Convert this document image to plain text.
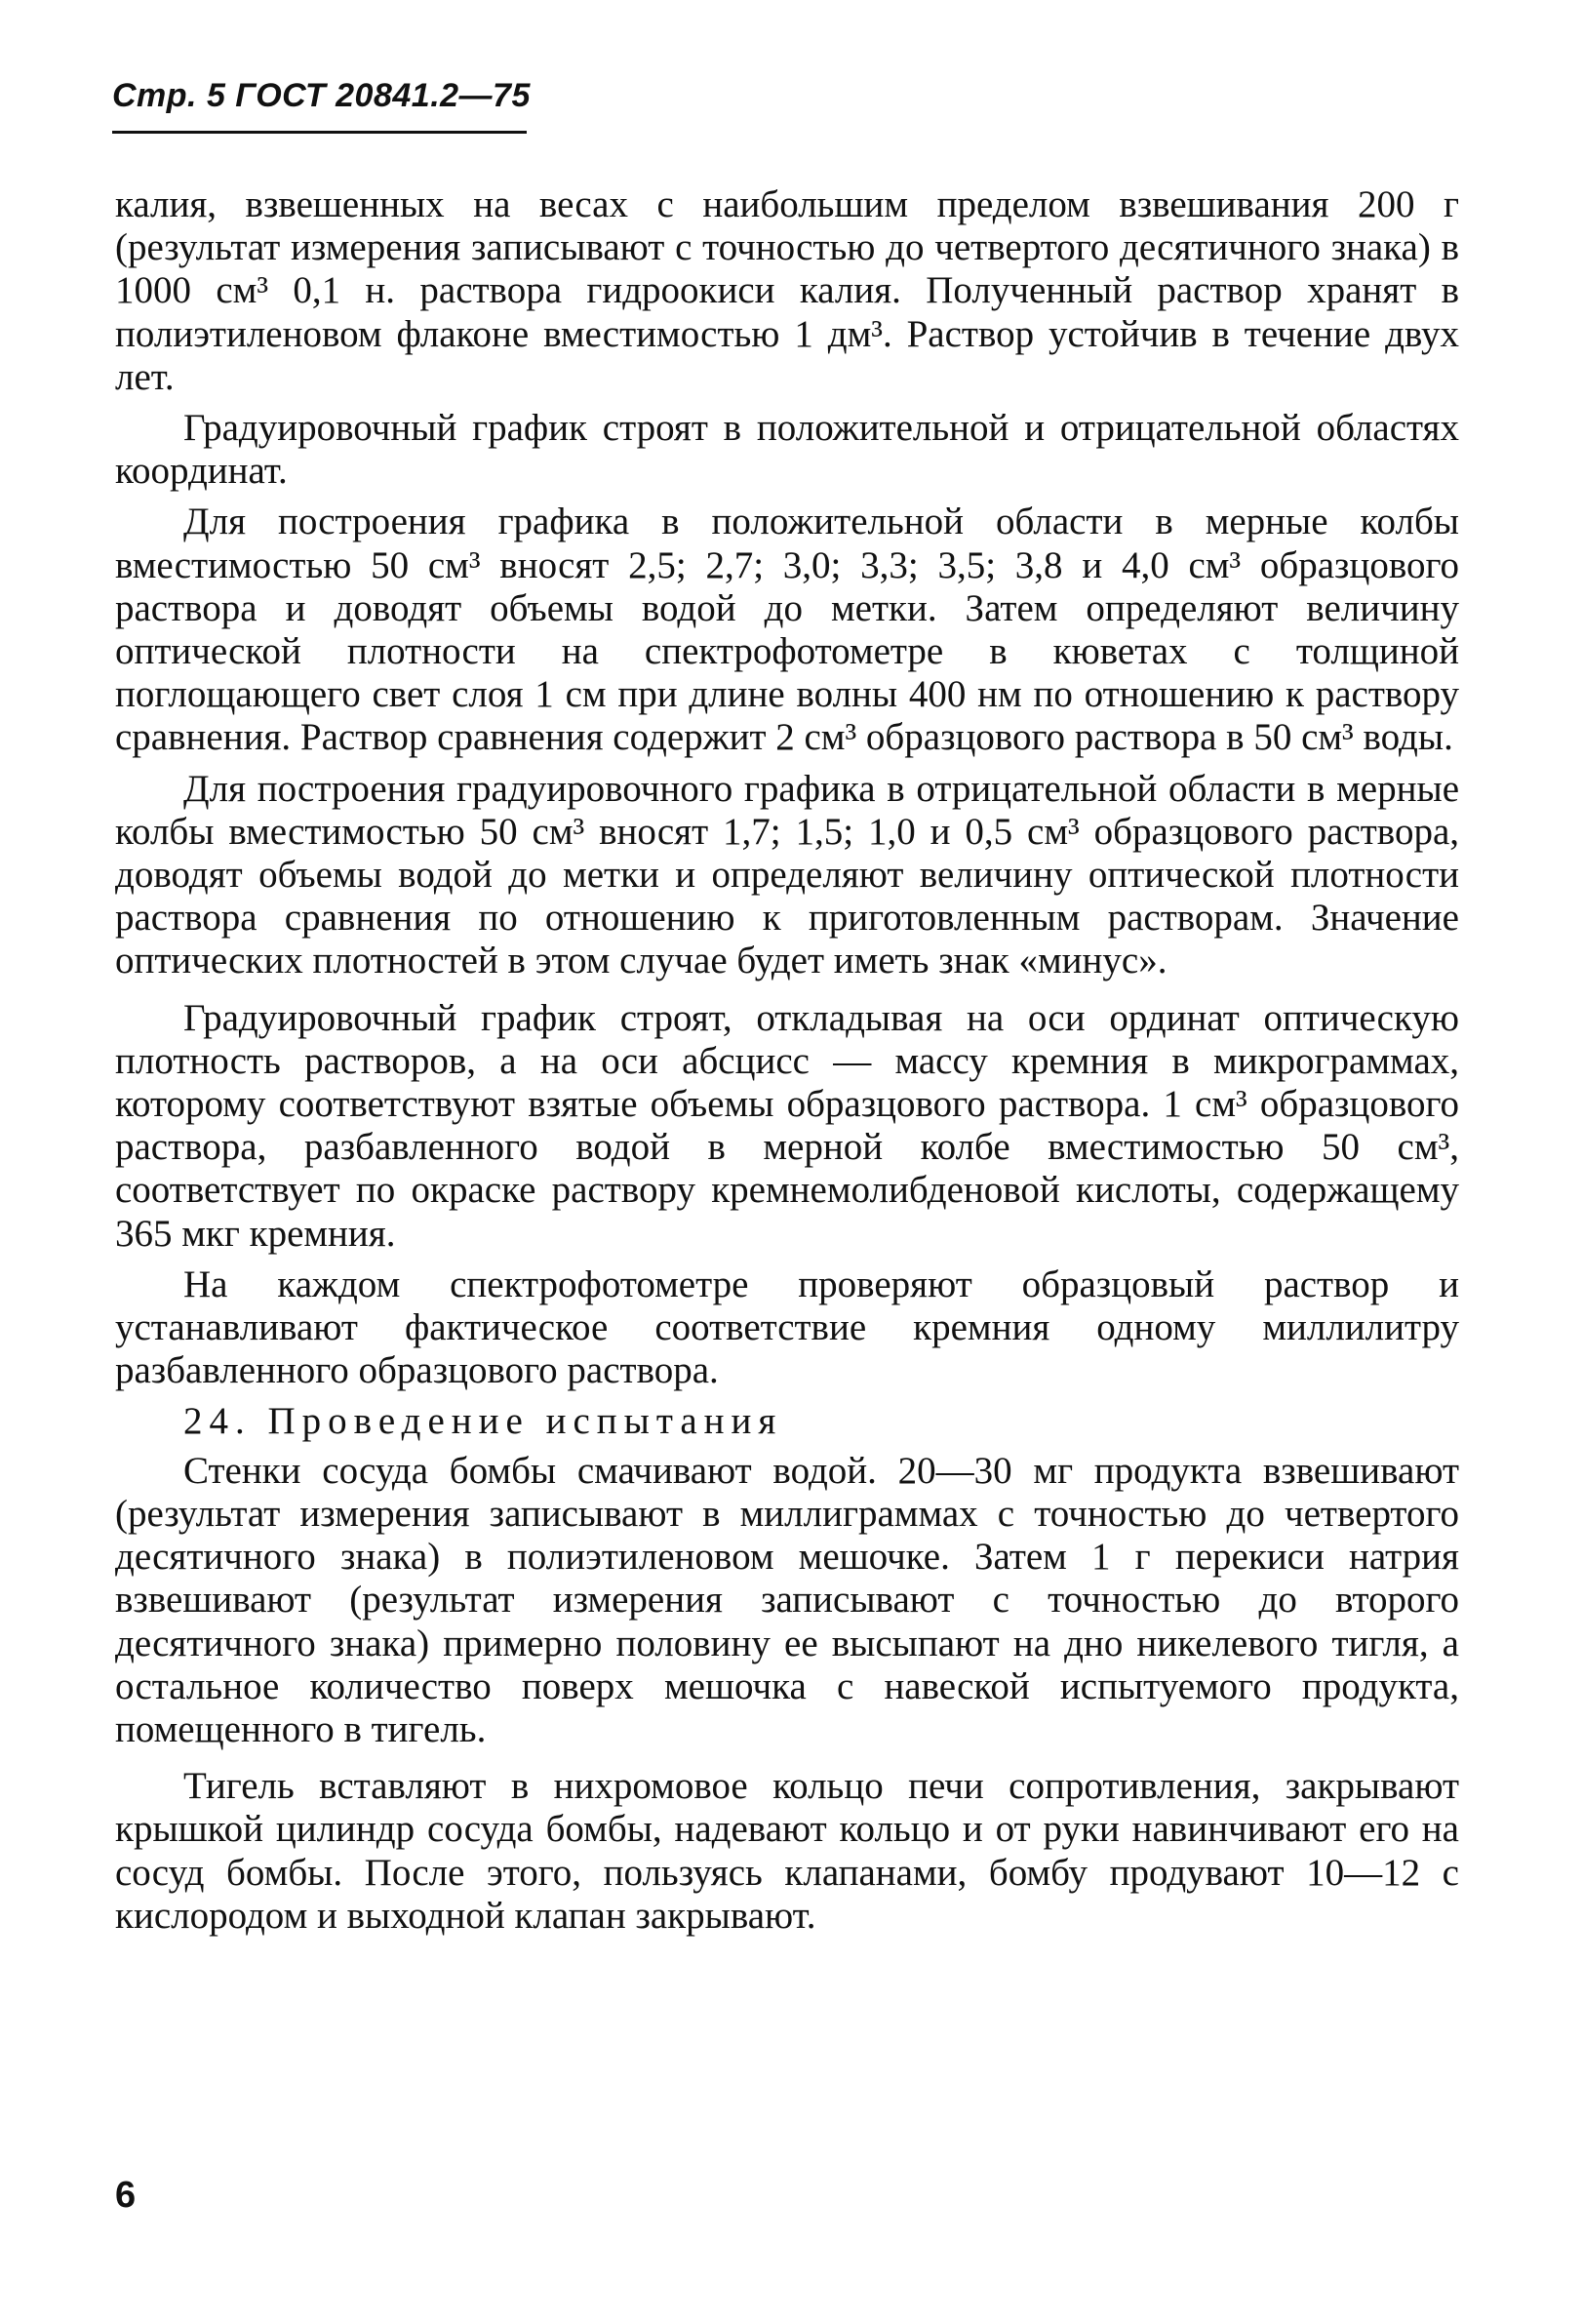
Стр. 5 ГОСТ 20841.2—75

калия, взвешенных на весах с наибольшим пределом взвешивания 200 г (результат измерения записывают с точностью до четвертого десятичного знака) в 1000 см³ 0,1 н. раствора гидроокиси калия. Полученный раствор хранят в полиэтиленовом флаконе вместимостью 1 дм³. Раствор устойчив в течение двух лет.

Градуировочный график строят в положительной и отрицательной областях координат.

Для построения графика в положительной области в мерные колбы вместимостью 50 см³ вносят 2,5; 2,7; 3,0; 3,3; 3,5; 3,8 и 4,0 см³ образцового раствора и доводят объемы водой до метки. Затем определяют величину оптической плотности на спектрофотометре в кюветах с толщиной поглощающего свет слоя 1 см при длине волны 400 нм по отношению к раствору сравнения. Раствор сравнения содержит 2 см³ образцового раствора в 50 см³ воды.

Для построения градуировочного графика в отрицательной области в мерные колбы вместимостью 50 см³ вносят 1,7; 1,5; 1,0 и 0,5 см³ образцового раствора, доводят объемы водой до метки и определяют величину оптической плотности раствора сравнения по отношению к приготовленным растворам. Значение оптических плотностей в этом случае будет иметь знак «минус».

Градуировочный график строят, откладывая на оси ординат оптическую плотность растворов, а на оси абсцисс — массу кремния в микрограммах, которому соответствуют взятые объемы образцового раствора. 1 см³ образцового раствора, разбавленного водой в мерной колбе вместимостью 50 см³, соответствует по окраске раствору кремнемолибденовой кислоты, содержащему 365 мкг кремния.

На каждом спектрофотометре проверяют образцовый раствор и устанавливают фактическое соответствие кремния одному миллилитру разбавленного образцового раствора.

24. Проведение испытания

Стенки сосуда бомбы смачивают водой. 20—30 мг продукта взвешивают (результат измерения записывают в миллиграммах с точностью до четвертого десятичного знака) в полиэтиленовом мешочке. Затем 1 г перекиси натрия взвешивают (результат измерения записывают с точностью до второго десятичного знака) примерно половину ее высыпают на дно никелевого тигля, а остальное количество поверх мешочка с навеской испытуемого продукта, помещенного в тигель.

Тигель вставляют в нихромовое кольцо печи сопротивления, закрывают крышкой цилиндр сосуда бомбы, надевают кольцо и от руки навинчивают его на сосуд бомбы. После этого, пользуясь клапанами, бомбу продувают 10—12 с кислородом и выходной клапан закрывают.

6
